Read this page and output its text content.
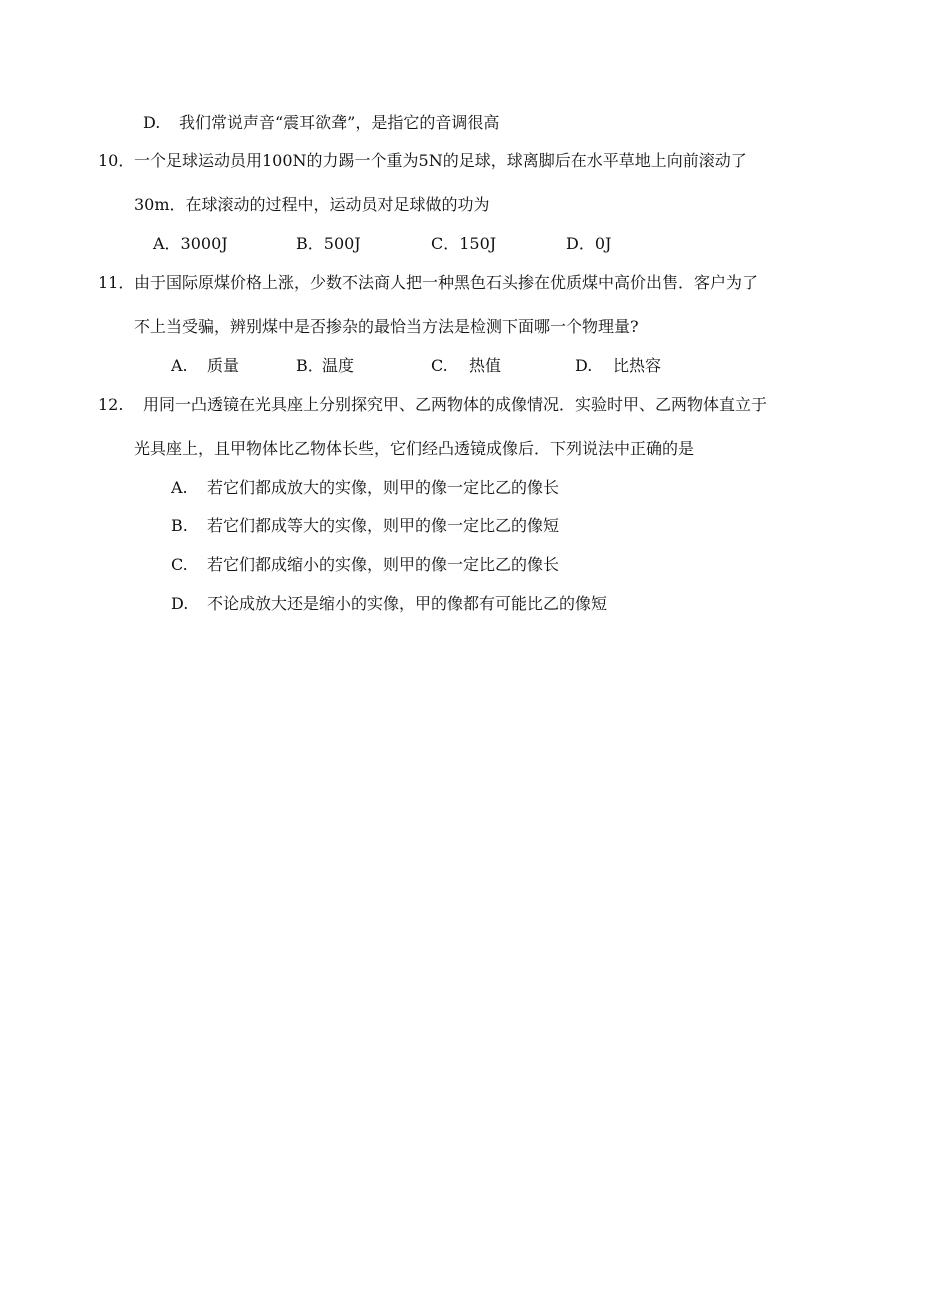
D. 我们常说声音“震耳欲聋”，是指它的音调很高
10． 一个足球运动员用100N的力踢一个重为5N的足球，球离脚后在水平草地上向前滚动了
30m．在球滚动的过程中，运动员对足球做的功为
A．3000J	B．500J	C．150J	D．0J
11． 由于国际原煤价格上涨，少数不法商人把一种黑色石头掺在优质煤中高价出售．客户为了
不上当受骗，辨别煤中是否掺杂的最恰当方法是检测下面哪一个物理量?
A. 质量	B．温度	C. 热值	D. 比热容
12. 用同一凸透镜在光具座上分别探究甲、乙两物体的成像情况．实验时甲、乙两物体直立于
光具座上，且甲物体比乙物体长些，它们经凸透镜成像后．下列说法中正确的是
A. 若它们都成放大的实像，则甲的像一定比乙的像长
B. 若它们都成等大的实像，则甲的像一定比乙的像短
C. 若它们都成缩小的实像，则甲的像一定比乙的像长
D. 不论成放大还是缩小的实像，甲的像都有可能比乙的像短
